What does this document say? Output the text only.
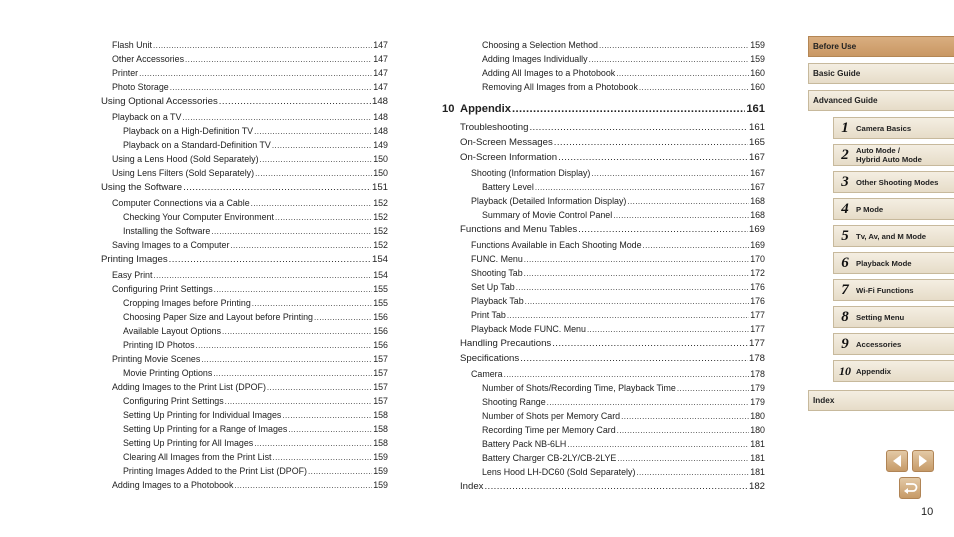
Flash Unit .....	147
Other Accessories .....	147
Printer .....	147
Photo Storage .....	147
Using Optional Accessories .....	148
Playback on a TV .....	148
Playback on a High-Definition TV .....	148
Playback on a Standard-Definition TV .....	149
Using a Lens Hood (Sold Separately) .....	150
Using Lens Filters (Sold Separately) .....	150
Using the Software .....	151
Computer Connections via a Cable .....	152
Checking Your Computer Environment .....	152
Installing the Software .....	152
Saving Images to a Computer .....	152
Printing Images .....	154
Easy Print .....	154
Configuring Print Settings .....	155
Cropping Images before Printing .....	155
Choosing Paper Size and Layout before Printing .....	156
Available Layout Options .....	156
Printing ID Photos .....	156
Printing Movie Scenes .....	157
Movie Printing Options .....	157
Adding Images to the Print List (DPOF) .....	157
Configuring Print Settings .....	157
Setting Up Printing for Individual Images .....	158
Setting Up Printing for a Range of Images .....	158
Setting Up Printing for All Images .....	158
Clearing All Images from the Print List .....	159
Printing Images Added to the Print List (DPOF) .....	159
Adding Images to a Photobook .....	159
Choosing a Selection Method .....	159
Adding Images Individually .....	159
Adding All Images to a Photobook .....	160
Removing All Images from a Photobook .....	160
10 Appendix .....	161
Troubleshooting .....	161
On-Screen Messages .....	165
On-Screen Information .....	167
Shooting (Information Display) .....	167
Battery Level .....	167
Playback (Detailed Information Display) .....	168
Summary of Movie Control Panel .....	168
Functions and Menu Tables .....	169
Functions Available in Each Shooting Mode .....	169
FUNC. Menu .....	170
Shooting Tab .....	172
Set Up Tab .....	176
Playback Tab .....	176
Print Tab .....	177
Playback Mode FUNC. Menu .....	177
Handling Precautions .....	177
Specifications .....	178
Camera .....	178
Number of Shots/Recording Time, Playback Time .....	179
Shooting Range .....	179
Number of Shots per Memory Card .....	180
Recording Time per Memory Card .....	180
Battery Pack NB-6LH .....	181
Battery Charger CB-2LY/CB-2LYE .....	181
Lens Hood LH-DC60 (Sold Separately) .....	181
Index .....	182
Before Use
Basic Guide
Advanced Guide
1 Camera Basics
2 Auto Mode /
Hybrid Auto Mode
3 Other Shooting Modes
4 P Mode
5 Tv, Av, and M Mode
6 Playback Mode
7 Wi-Fi Functions
8 Setting Menu
9 Accessories
10 Appendix
Index
10
